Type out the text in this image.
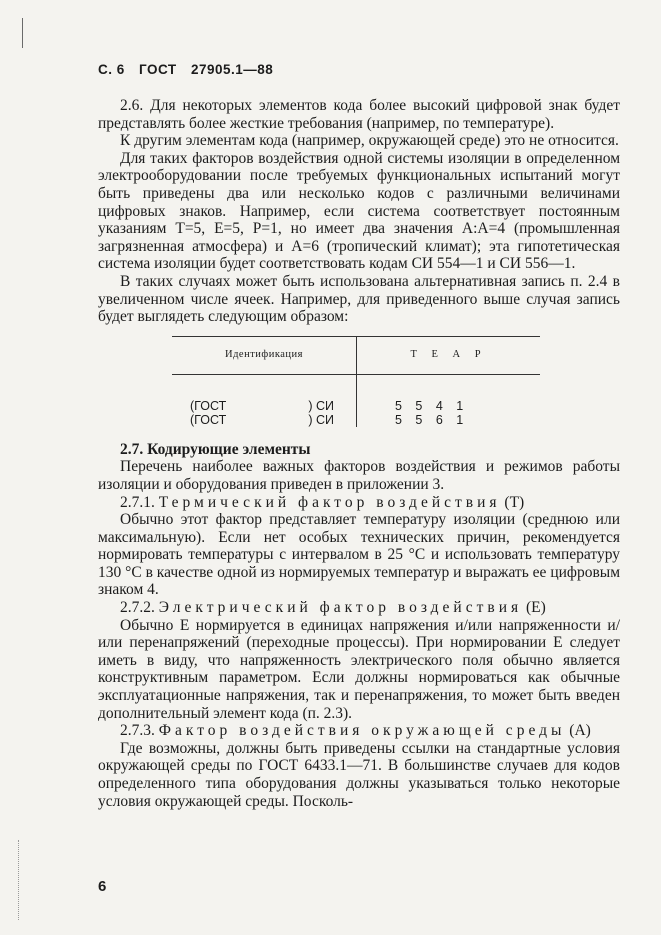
С. 6 ГОСТ 27905.1—88

2.6. Для некоторых элементов кода более высокий цифровой знак будет представлять более жесткие требования (например, по температуре).

К другим элементам кода (например, окружающей среде) это не относится.

Для таких факторов воздействия одной системы изоляции в определенном электрооборудовании после требуемых функциональных испытаний могут быть приведены два или несколько кодов с различными величинами цифровых знаков. Например, если система соответствует постоянным указаниям T=5, E=5, P=1, но имеет два значения A:A=4 (промышленная загрязненная атмосфера) и A=6 (тропический климат); эта гипотетическая система изоляции будет соответствовать кодам СИ 554—1 и СИ 556—1.

В таких случаях может быть использована альтернативная запись п. 2.4 в увеличенном числе ячеек. Например, для приведенного выше случая запись будет выглядеть следующим образом:

Идентификация	Т Е А Р
(ГОСТ ) СИ	5 5 4 1
(ГОСТ ) СИ	5 5 6 1

2.7. Кодирующие элементы

Перечень наиболее важных факторов воздействия и режимов работы изоляции и оборудования приведен в приложении 3.

2.7.1. Термический фактор воздействия (Т)

Обычно этот фактор представляет температуру изоляции (среднюю или максимальную). Если нет особых технических причин, рекомендуется нормировать температуры с интервалом в 25 °C и использовать температуру 130 °C в качестве одной из нормируемых температур и выражать ее цифровым знаком 4.

2.7.2. Электрический фактор воздействия (Е)

Обычно Е нормируется в единицах напряжения и/или напряженности и/или перенапряжений (переходные процессы). При нормировании Е следует иметь в виду, что напряженность электрического поля обычно является конструктивным параметром. Если должны нормироваться как обычные эксплуатационные напряжения, так и перенапряжения, то может быть введен дополнительный элемент кода (п. 2.3).

2.7.3. Фактор воздействия окружающей среды (А)

Где возможны, должны быть приведены ссылки на стандартные условия окружающей среды по ГОСТ 6433.1—71. В большинстве случаев для кодов определенного типа оборудования должны указываться только некоторые условия окружающей среды. Посколь-

6
